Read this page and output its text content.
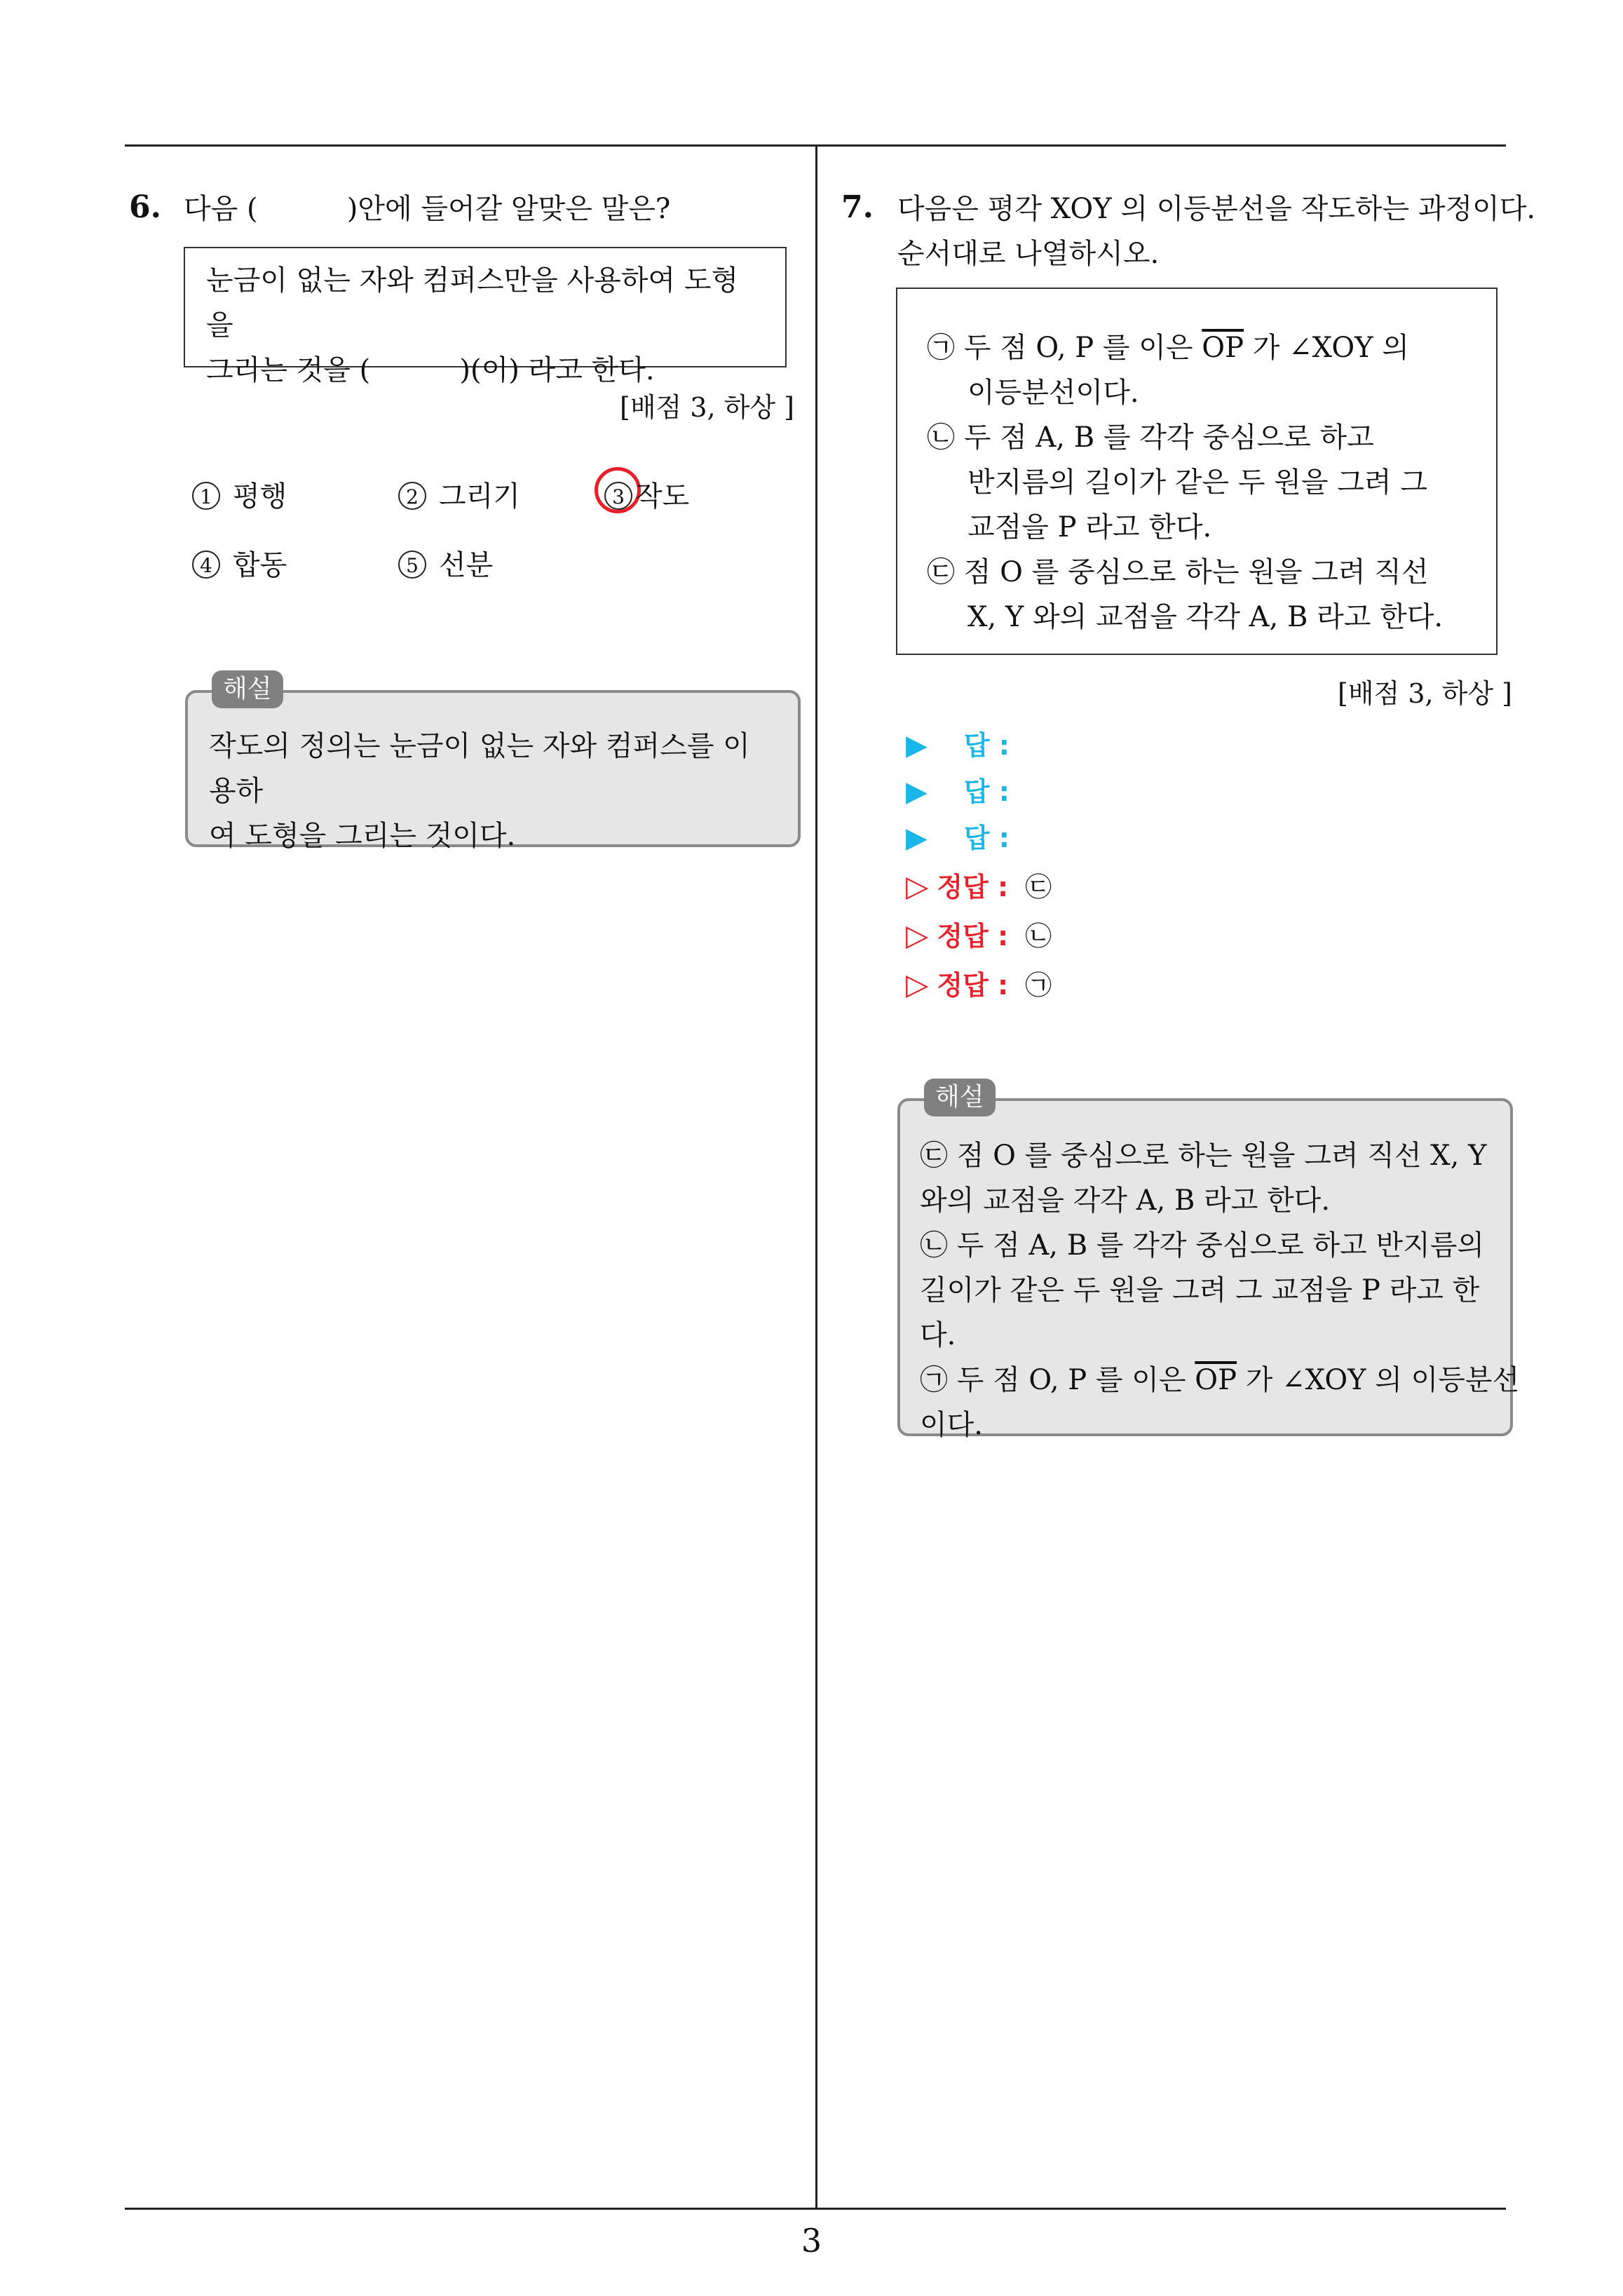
6. 다음 (          )안에 들어갈 알맞은 말은?
눈금이 없는 자와 컴퍼스만을 사용하여 도형을
그리는 것을 (          )(이) 라고 한다.
[배점 3, 하상 ]
1 평행	2 그리기	3 작도
4 합동	5 선분
작도의 정의는 눈금이 없는 자와 컴퍼스를 이용하
여 도형을 그리는 것이다.
해설
7. 다음은 평각 XOY 의 이등분선을 작도하는 과정이다.
순서대로 나열하시오.
㉠ 두 점 O, P 를 이은 $\overline{OP}$ 가 ∠XOY 의
이등분선이다.
㉡ 두 점 A, B 를 각각 중심으로 하고
반지름의 길이가 같은 두 원을 그려 그
교점을 P 라고 한다.
㉢ 점 O 를 중심으로 하는 원을 그려 직선
X, Y 와의 교점을 각각 A, B 라고 한다.
[배점 3, 하상 ]
▶ 답 :
▶ 답 :
▶ 답 :
▷ 정답 : ㉢
▷ 정답 : ㉡
▷ 정답 : ㉠
㉢ 점 O 를 중심으로 하는 원을 그려 직선 X, Y
와의 교점을 각각 A, B 라고 한다.
㉡ 두 점 A, B 를 각각 중심으로 하고 반지름의
길이가 같은 두 원을 그려 그 교점을 P 라고 한다.
㉠ 두 점 O, P 를 이은 $\overline{OP}$ 가 ∠XOY 의 이등분선
이다.
해설
3
